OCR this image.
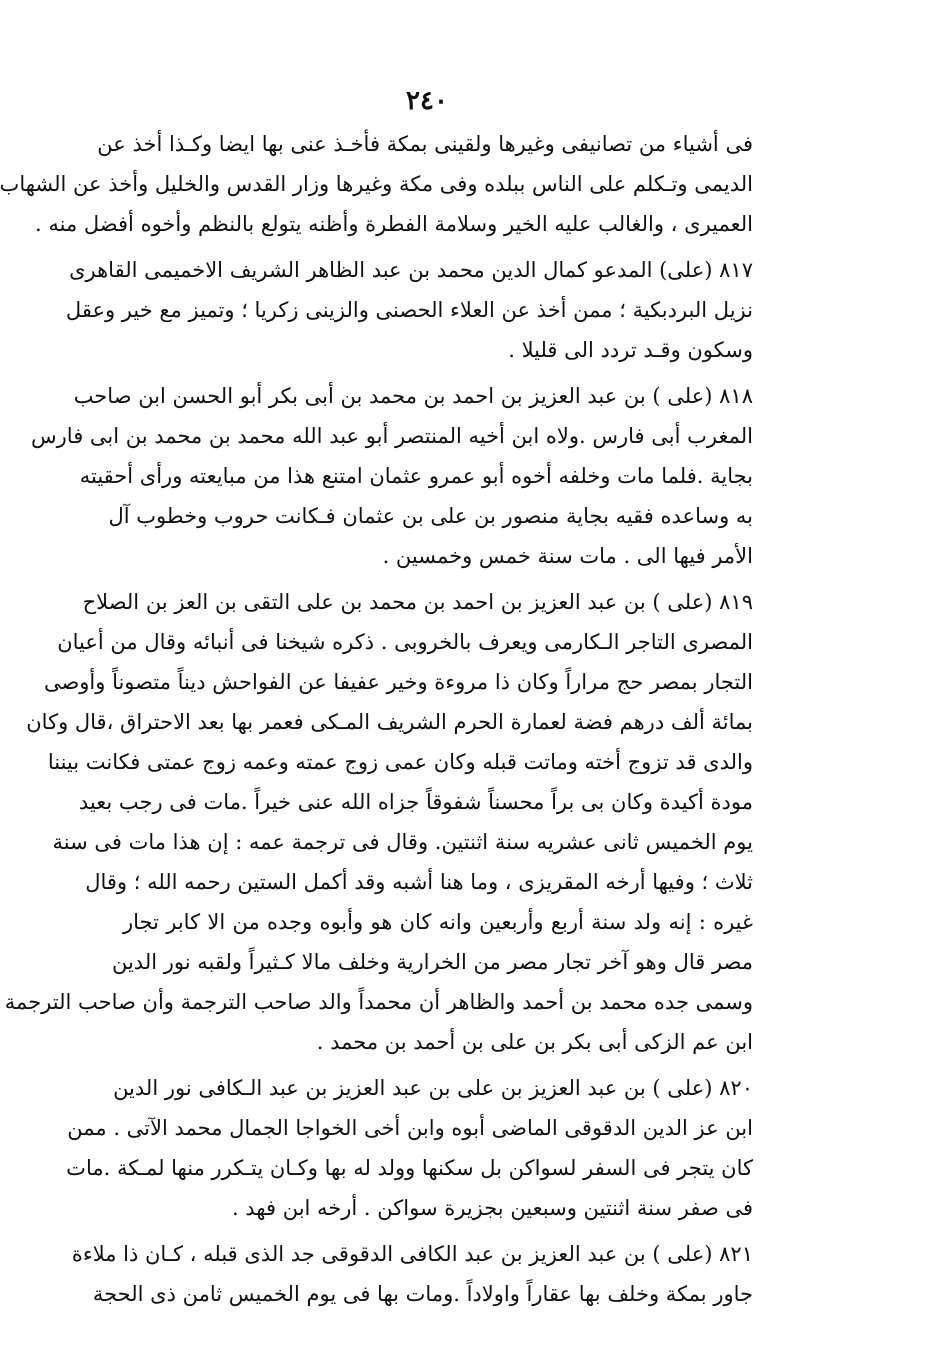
٢٤٠
فى أشياء من تصانيفى وغيرها ولقينى بمكة فأخـذ عنى بها ايضا وكـذا أخذ عن
الديمى وتـكلم على الناس ببلده وفى مكة وغيرها وزار القدس والخليل وأخذ عن الشهاب
العميرى ، والغالب عليه الخير وسلامة الفطرة وأظنه يتولع بالنظم وأخوه أفضل منه .
٨١٧ (على) المدعو كمال الدين محمد بن عبد الظاهر الشريف الاخميمى القاهرى
نزيل البردبكية ؛ ممن أخذ عن العلاء الحصنى والزينى زكريا ؛ وتميز مع خير وعقل
وسكون وقـد تردد الى قليلا .
٨١٨ (على ) بن عبد العزيز بن احمد بن محمد بن أبى بكر أبو الحسن ابن صاحب
المغرب أبى فارس .ولاه ابن أخيه المنتصر أبو عبد الله محمد بن محمد بن ابى فارس
بجاية .فلما مات وخلفه أخوه أبو عمرو عثمان امتنع هذا من مبايعته ورأى أحقيته
به وساعده فقيه بجاية منصور بن على بن عثمان فـكانت حروب وخطوب آل
الأمر فيها الى . مات سنة خمس وخمسين .
٨١٩ (على ) بن عبد العزيز بن احمد بن محمد بن على التقى بن العز بن الصلاح
المصرى التاجر الـكارمى ويعرف بالخروبى . ذكره شيخنا فى أنبائه وقال من أعيان
التجار بمصر حج مراراً وكان ذا مروءة وخير عفيفا عن الفواحش ديناً متصوناً وأوصى
بمائة ألف درهم فضة لعمارة الحرم الشريف المـكى فعمر بها بعد الاحتراق ،قال وكان
والدى قد تزوج أخته وماتت قبله وكان عمى زوج عمته وعمه زوج عمتى فكانت بيننا
مودة أكيدة وكان بى براً محسناً شفوقاً جزاه الله عنى خيراً .مات فى رجب بعيد
يوم الخميس ثانى عشريه سنة اثنتين. وقال فى ترجمة عمه : إن هذا مات فى سنة
ثلاث ؛ وفيها أرخه المقريزى ، وما هنا أشبه وقد أكمل الستين رحمه الله ؛ وقال
غيره : إنه ولد سنة أربع وأربعين وانه كان هو وأبوه وجده من الا كابر تجار
مصر قال وهو آخر تجار مصر من الخرارية وخلف مالا كـثيراً ولقبه نور الدين
وسمى جده محمد بن أحمد والظاهر أن محمداً والد صاحب الترجمة وأن صاحب الترجمة
ابن عم الزكى أبى بكر بن على بن أحمد بن محمد .
٨٢٠ (على ) بن عبد العزيز بن على بن عبد العزيز بن عبد الـكافى نور الدين
ابن عز الدين الدقوقى الماضى أبوه وابن أخى الخواجا الجمال محمد الآتى . ممن
كان يتجر فى السفر لسواكن بل سكنها وولد له بها وكـان يتـكرر منها لمـكة .مات
فى صفر سنة اثنتين وسبعين بجزيرة سواكن . أرخه ابن فهد .
٨٢١ (على ) بن عبد العزيز بن عبد الكافى الدقوقى جد الذى قبله ، كـان ذا ملاءة
جاور بمكة وخلف بها عقاراً واولاداً .ومات بها فى يوم الخميس ثامن ذى الحجة
